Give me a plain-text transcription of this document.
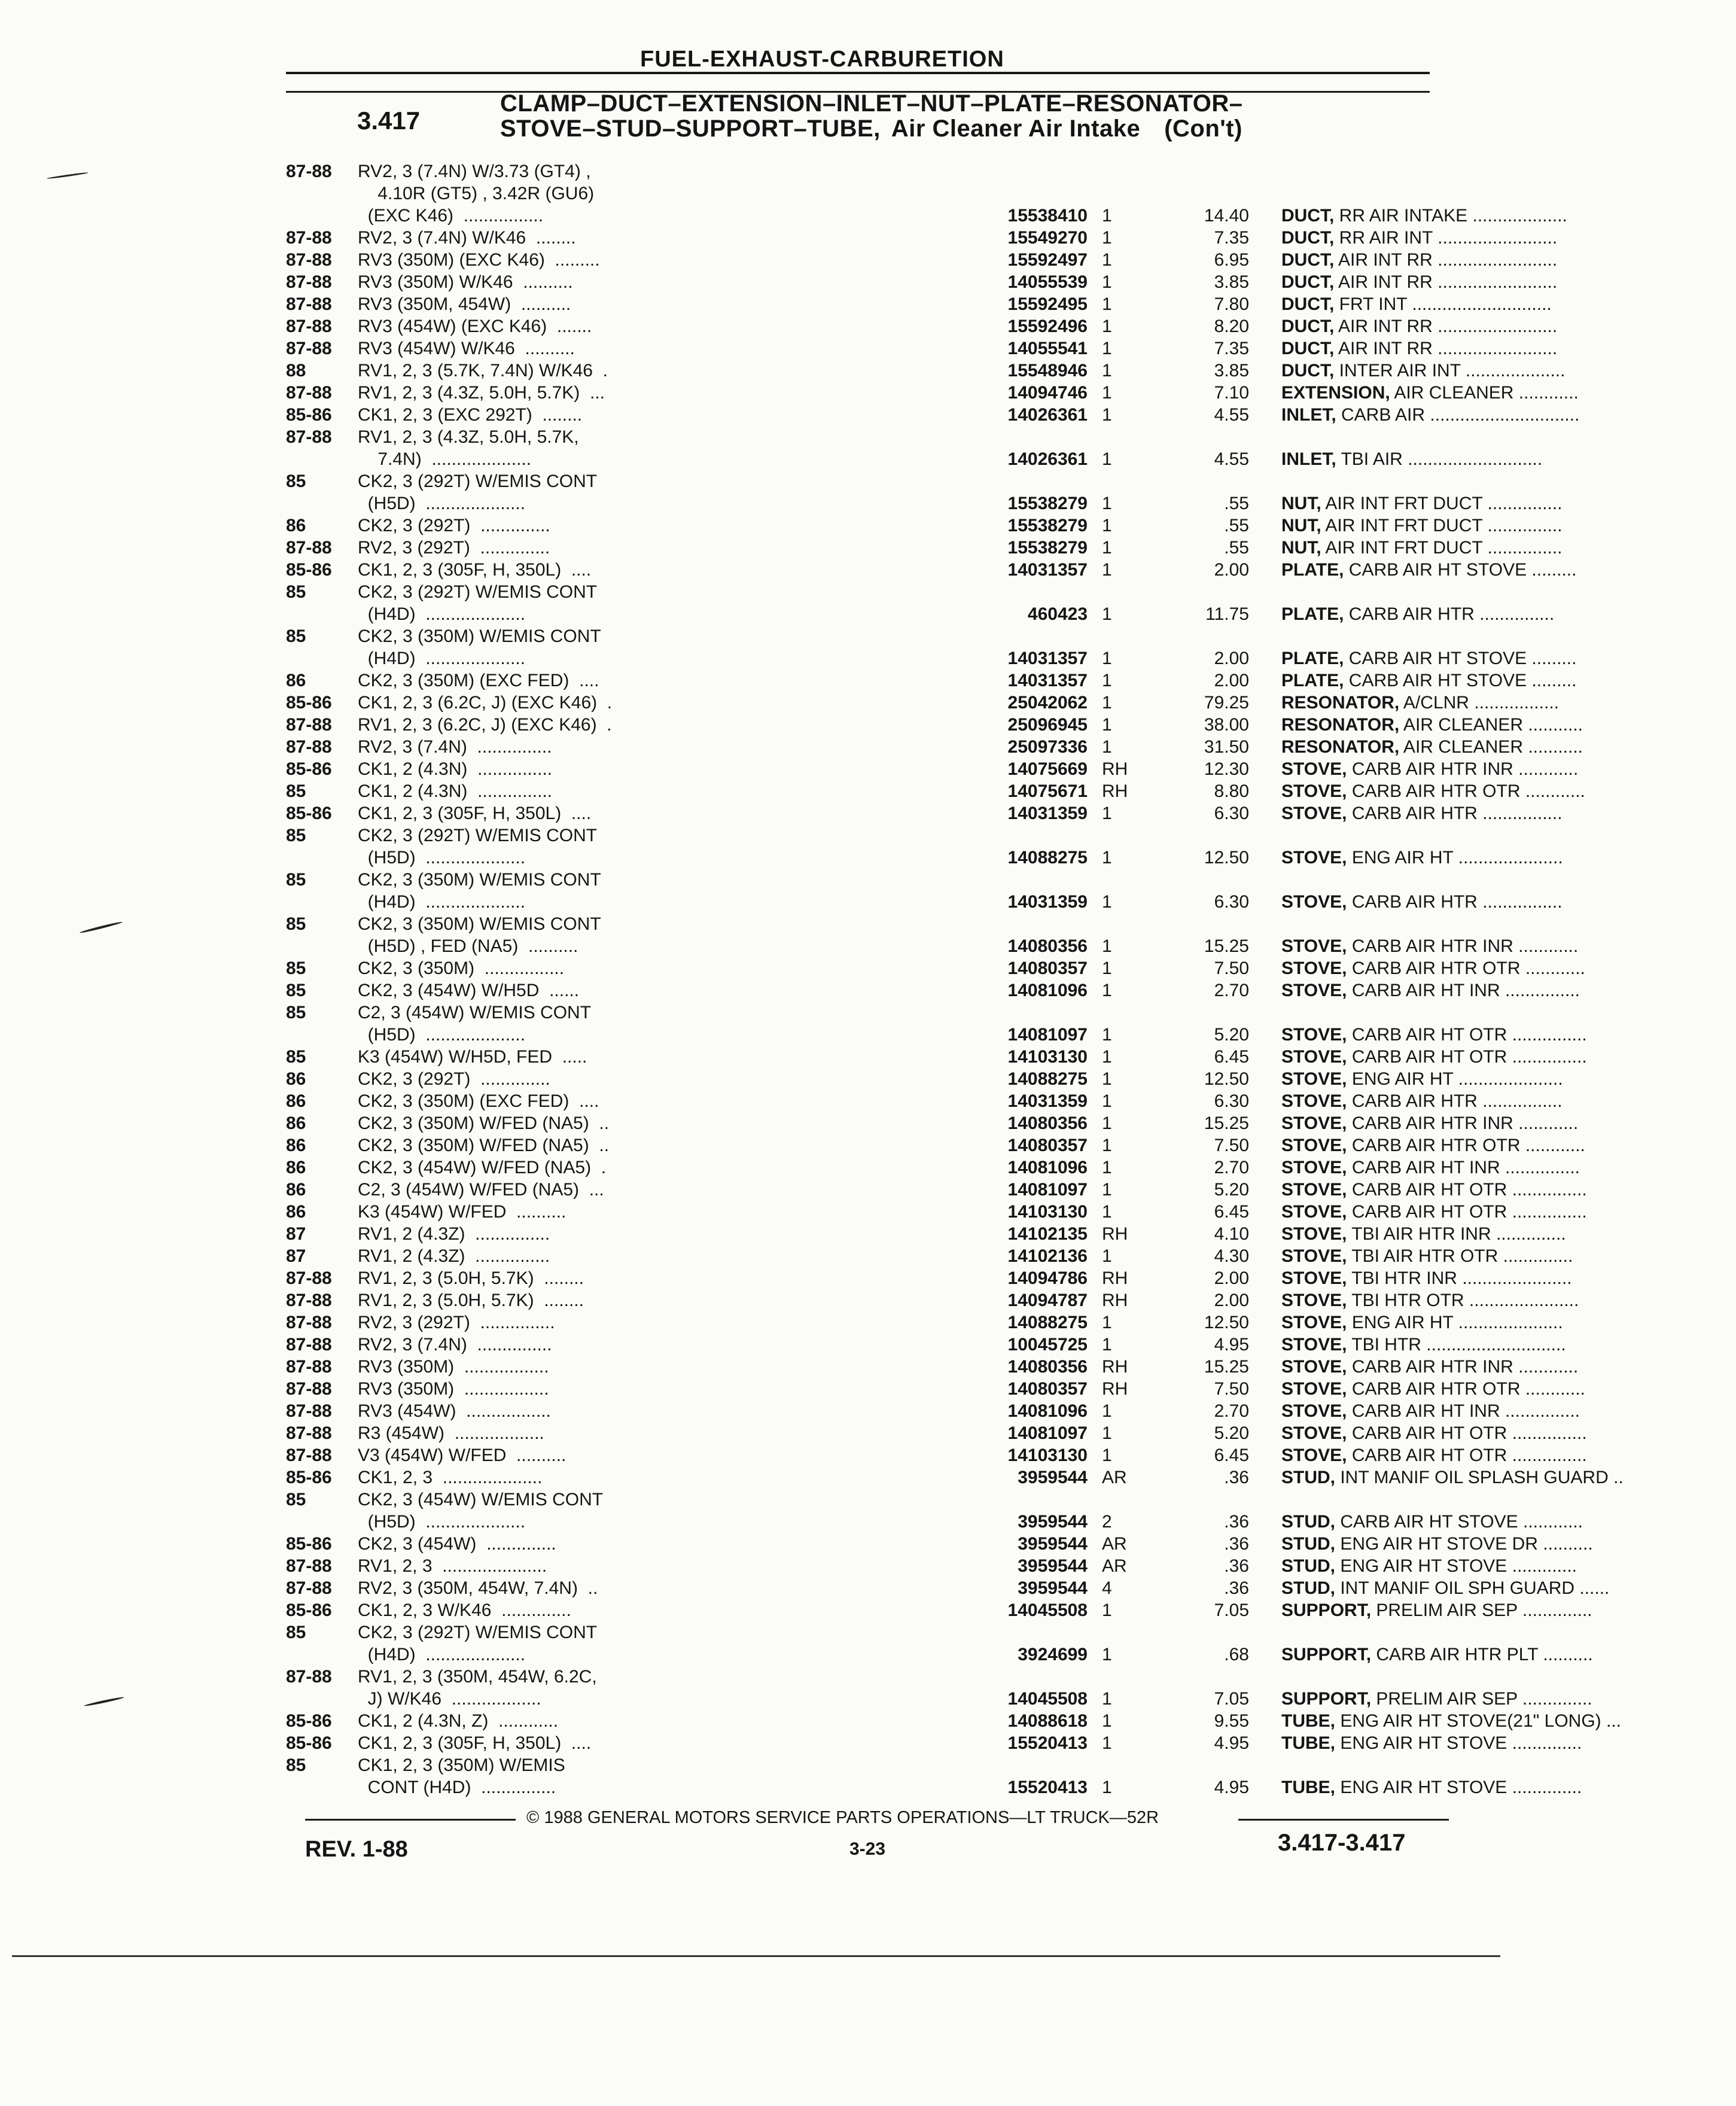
FUEL-EXHAUST-CARBURETION
3.417
CLAMP–DUCT–EXTENSION–INLET–NUT–PLATE–RESONATOR–
STOVE–STUD–SUPPORT–TUBE, Air Cleaner Air Intake (Con't)
87-88	RV2, 3 (7.4N) W/3.73 (GT4) ,
4.10R (GT5) , 3.42R (GU6)
(EXC K46)  ................	15538410 1	14.40 DUCT, RR AIR INTAKE ...................
87-88	RV2, 3 (7.4N) W/K46  ........	15549270 1	7.35 DUCT, RR AIR INT ........................
87-88	RV3 (350M) (EXC K46)  .........	15592497 1	6.95 DUCT, AIR INT RR ........................
87-88	RV3 (350M) W/K46  ..........	14055539 1	3.85 DUCT, AIR INT RR ........................
87-88	RV3 (350M, 454W)  ..........	15592495 1	7.80 DUCT, FRT INT ............................
87-88	RV3 (454W) (EXC K46)  .......	15592496 1	8.20 DUCT, AIR INT RR ........................
87-88	RV3 (454W) W/K46  ..........	14055541 1	7.35 DUCT, AIR INT RR ........................
88	RV1, 2, 3 (5.7K, 7.4N) W/K46  .	15548946 1	3.85 DUCT, INTER AIR INT ....................
87-88	RV1, 2, 3 (4.3Z, 5.0H, 5.7K)  ...	14094746 1	7.10 EXTENSION, AIR CLEANER ............
85-86	CK1, 2, 3 (EXC 292T)  ........	14026361 1	4.55 INLET, CARB AIR ..............................
87-88	RV1, 2, 3 (4.3Z, 5.0H, 5.7K,
7.4N)  ....................	14026361 1	4.55 INLET, TBI AIR ...........................
85	CK2, 3 (292T) W/EMIS CONT
(H5D)  ....................	15538279 1	.55 NUT, AIR INT FRT DUCT ...............
86	CK2, 3 (292T)  ..............	15538279 1	.55 NUT, AIR INT FRT DUCT ...............
87-88	RV2, 3 (292T)  ..............	15538279 1	.55 NUT, AIR INT FRT DUCT ...............
85-86	CK1, 2, 3 (305F, H, 350L)  ....	14031357 1	2.00 PLATE, CARB AIR HT STOVE .........
85	CK2, 3 (292T) W/EMIS CONT
(H4D)  ....................	460423 1	11.75 PLATE, CARB AIR HTR ...............
85	CK2, 3 (350M) W/EMIS CONT
(H4D)  ....................	14031357 1	2.00 PLATE, CARB AIR HT STOVE .........
86	CK2, 3 (350M) (EXC FED)  ....	14031357 1	2.00 PLATE, CARB AIR HT STOVE .........
85-86	CK1, 2, 3 (6.2C, J) (EXC K46)  .	25042062 1	79.25 RESONATOR, A/CLNR .................
87-88	RV1, 2, 3 (6.2C, J) (EXC K46)  .	25096945 1	38.00 RESONATOR, AIR CLEANER ...........
87-88	RV2, 3 (7.4N)  ...............	25097336 1	31.50 RESONATOR, AIR CLEANER ...........
85-86	CK1, 2 (4.3N)  ...............	14075669 RH	12.30 STOVE, CARB AIR HTR INR ............
85	CK1, 2 (4.3N)  ...............	14075671 RH	8.80 STOVE, CARB AIR HTR OTR ............
85-86	CK1, 2, 3 (305F, H, 350L)  ....	14031359 1	6.30 STOVE, CARB AIR HTR ................
85	CK2, 3 (292T) W/EMIS CONT
(H5D)  ....................	14088275 1	12.50 STOVE, ENG AIR HT .....................
85	CK2, 3 (350M) W/EMIS CONT
(H4D)  ....................	14031359 1	6.30 STOVE, CARB AIR HTR ................
85	CK2, 3 (350M) W/EMIS CONT
(H5D) , FED (NA5)  ..........	14080356 1	15.25 STOVE, CARB AIR HTR INR ............
85	CK2, 3 (350M)  ................	14080357 1	7.50 STOVE, CARB AIR HTR OTR ............
85	CK2, 3 (454W) W/H5D  ......	14081096 1	2.70 STOVE, CARB AIR HT INR ...............
85	C2, 3 (454W) W/EMIS CONT
(H5D)  ....................	14081097 1	5.20 STOVE, CARB AIR HT OTR ...............
85	K3 (454W) W/H5D, FED  .....	14103130 1	6.45 STOVE, CARB AIR HT OTR ...............
86	CK2, 3 (292T)  ..............	14088275 1	12.50 STOVE, ENG AIR HT .....................
86	CK2, 3 (350M) (EXC FED)  ....	14031359 1	6.30 STOVE, CARB AIR HTR ................
86	CK2, 3 (350M) W/FED (NA5)  ..	14080356 1	15.25 STOVE, CARB AIR HTR INR ............
86	CK2, 3 (350M) W/FED (NA5)  ..	14080357 1	7.50 STOVE, CARB AIR HTR OTR ............
86	CK2, 3 (454W) W/FED (NA5)  .	14081096 1	2.70 STOVE, CARB AIR HT INR ...............
86	C2, 3 (454W) W/FED (NA5)  ...	14081097 1	5.20 STOVE, CARB AIR HT OTR ...............
86	K3 (454W) W/FED  ..........	14103130 1	6.45 STOVE, CARB AIR HT OTR ...............
87	RV1, 2 (4.3Z)  ...............	14102135 RH	4.10 STOVE, TBI AIR HTR INR ..............
87	RV1, 2 (4.3Z)  ...............	14102136 1	4.30 STOVE, TBI AIR HTR OTR ..............
87-88	RV1, 2, 3 (5.0H, 5.7K)  ........	14094786 RH	2.00 STOVE, TBI HTR INR ......................
87-88	RV1, 2, 3 (5.0H, 5.7K)  ........	14094787 RH	2.00 STOVE, TBI HTR OTR ......................
87-88	RV2, 3 (292T)  ...............	14088275 1	12.50 STOVE, ENG AIR HT .....................
87-88	RV2, 3 (7.4N)  ...............	10045725 1	4.95 STOVE, TBI HTR ............................
87-88	RV3 (350M)  .................	14080356 RH	15.25 STOVE, CARB AIR HTR INR ............
87-88	RV3 (350M)  .................	14080357 RH	7.50 STOVE, CARB AIR HTR OTR ............
87-88	RV3 (454W)  .................	14081096 1	2.70 STOVE, CARB AIR HT INR ...............
87-88	R3 (454W)  ..................	14081097 1	5.20 STOVE, CARB AIR HT OTR ...............
87-88	V3 (454W) W/FED  ..........	14103130 1	6.45 STOVE, CARB AIR HT OTR ...............
85-86	CK1, 2, 3  ....................	3959544 AR	.36 STUD, INT MANIF OIL SPLASH GUARD ..
85	CK2, 3 (454W) W/EMIS CONT
(H5D)  ....................	3959544 2	.36 STUD, CARB AIR HT STOVE ............
85-86	CK2, 3 (454W)  ..............	3959544 AR	.36 STUD, ENG AIR HT STOVE DR ..........
87-88	RV1, 2, 3  .....................	3959544 AR	.36 STUD, ENG AIR HT STOVE .............
87-88	RV2, 3 (350M, 454W, 7.4N)  ..	3959544 4	.36 STUD, INT MANIF OIL SPH GUARD ......
85-86	CK1, 2, 3 W/K46  ..............	14045508 1	7.05 SUPPORT, PRELIM AIR SEP ..............
85	CK2, 3 (292T) W/EMIS CONT
(H4D)  ....................	3924699 1	.68 SUPPORT, CARB AIR HTR PLT ..........
87-88	RV1, 2, 3 (350M, 454W, 6.2C,
J) W/K46  ..................	14045508 1	7.05 SUPPORT, PRELIM AIR SEP ..............
85-86	CK1, 2 (4.3N, Z)  ............	14088618 1	9.55 TUBE, ENG AIR HT STOVE(21" LONG) ...
85-86	CK1, 2, 3 (305F, H, 350L)  ....	15520413 1	4.95 TUBE, ENG AIR HT STOVE ..............
85	CK1, 2, 3 (350M) W/EMIS
CONT (H4D)  ...............	15520413 1	4.95 TUBE, ENG AIR HT STOVE ..............
© 1988 GENERAL MOTORS SERVICE PARTS OPERATIONS—LT TRUCK—52R
REV. 1-88	3-23	3.417-3.417
